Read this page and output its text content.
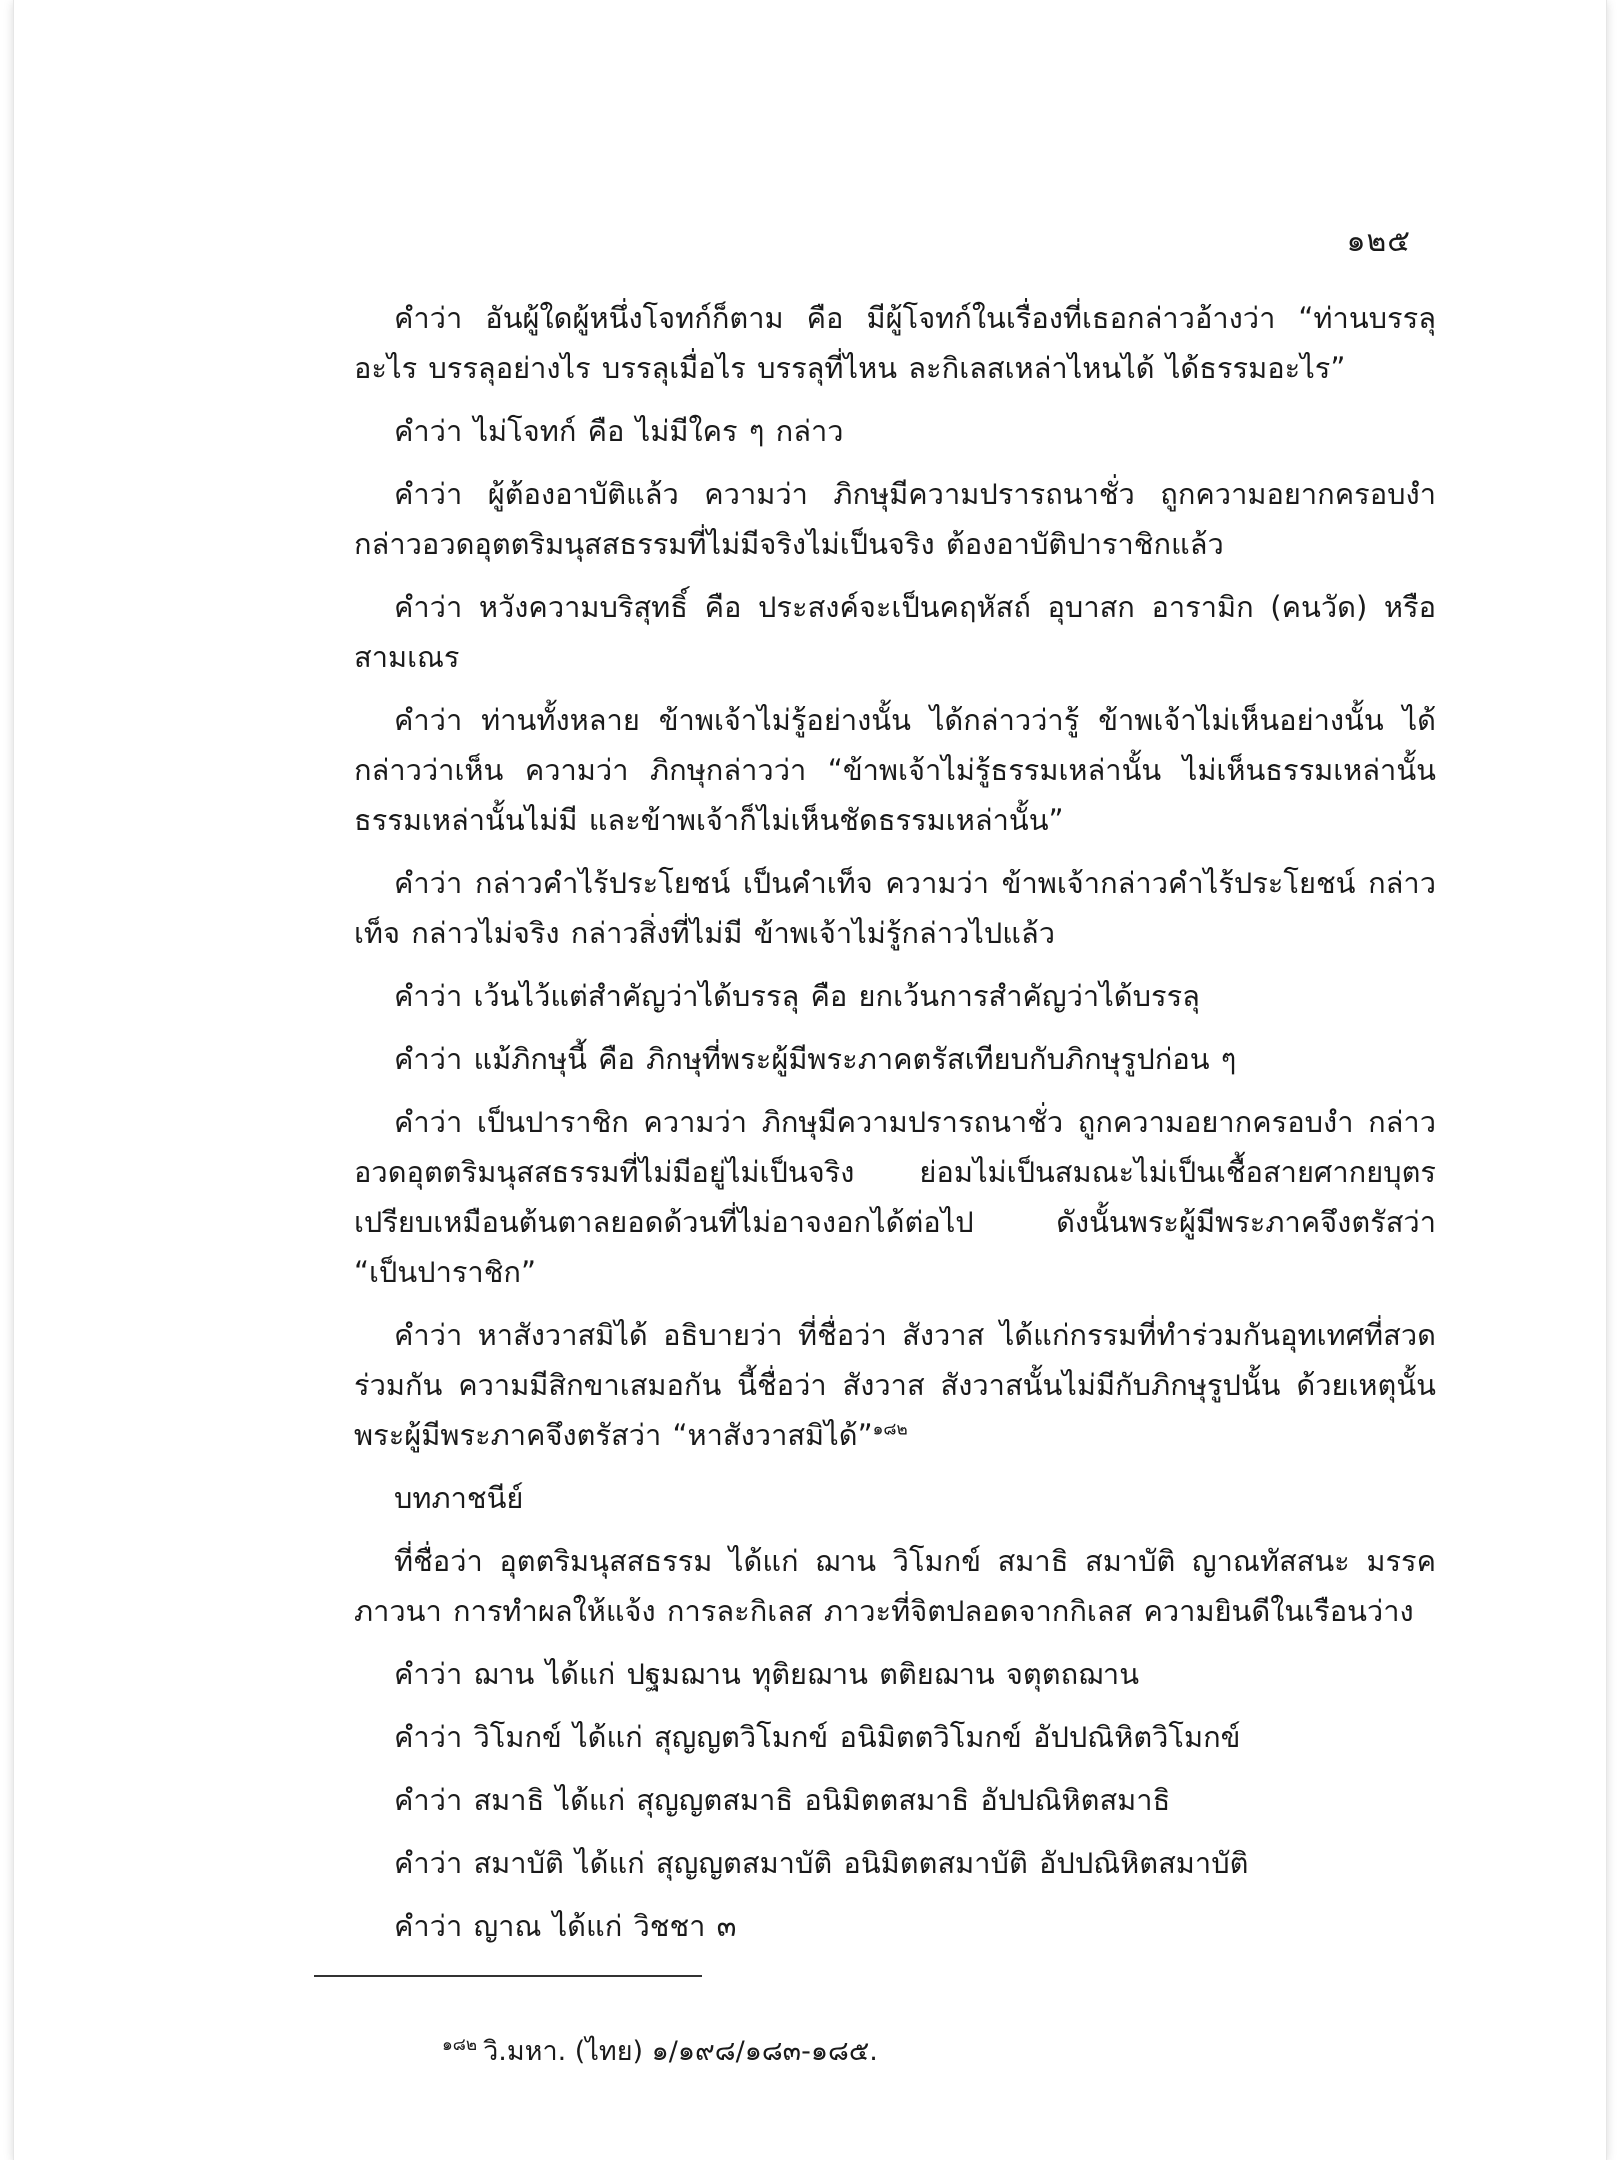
๑๒๕

คำว่า อันผู้ใดผู้หนึ่งโจทก์ก็ตาม คือ มีผู้โจทก์ในเรื่องที่เธอกล่าวอ้างว่า “ท่านบรรลุอะไร บรรลุอย่างไร บรรลุเมื่อไร บรรลุที่ไหน ละกิเลสเหล่าไหนได้ ได้ธรรมอะไร”

คำว่า ไม่โจทก์ คือ ไม่มีใคร ๆ กล่าว

คำว่า ผู้ต้องอาบัติแล้ว ความว่า ภิกษุมีความปรารถนาชั่ว ถูกความอยากครอบงำ กล่าวอวดอุตตริมนุสสธรรมที่ไม่มีจริงไม่เป็นจริง ต้องอาบัติปาราชิกแล้ว

คำว่า หวังความบริสุทธิ์ คือ ประสงค์จะเป็นคฤหัสถ์ อุบาสก อารามิก (คนวัด) หรือสามเณร

คำว่า ท่านทั้งหลาย ข้าพเจ้าไม่รู้อย่างนั้น ได้กล่าวว่ารู้ ข้าพเจ้าไม่เห็นอย่างนั้น ได้กล่าวว่าเห็น ความว่า ภิกษุกล่าวว่า “ข้าพเจ้าไม่รู้ธรรมเหล่านั้น ไม่เห็นธรรมเหล่านั้น ธรรมเหล่านั้นไม่มี และข้าพเจ้าก็ไม่เห็นชัดธรรมเหล่านั้น”

คำว่า กล่าวคำไร้ประโยชน์ เป็นคำเท็จ ความว่า ข้าพเจ้ากล่าวคำไร้ประโยชน์ กล่าวเท็จ กล่าวไม่จริง กล่าวสิ่งที่ไม่มี ข้าพเจ้าไม่รู้กล่าวไปแล้ว

คำว่า เว้นไว้แต่สำคัญว่าได้บรรลุ คือ ยกเว้นการสำคัญว่าได้บรรลุ

คำว่า แม้ภิกษุนี้ คือ ภิกษุที่พระผู้มีพระภาคตรัสเทียบกับภิกษุรูปก่อน ๆ

คำว่า เป็นปาราชิก ความว่า ภิกษุมีความปรารถนาชั่ว ถูกความอยากครอบงำ กล่าวอวดอุตตริมนุสสธรรมที่ไม่มีอยู่ไม่เป็นจริง ย่อมไม่เป็นสมณะไม่เป็นเชื้อสายศากยบุตร เปรียบเหมือนต้นตาลยอดด้วนที่ไม่อาจงอกได้ต่อไป ดังนั้นพระผู้มีพระภาคจึงตรัสว่า “เป็นปาราชิก”

คำว่า หาสังวาสมิได้ อธิบายว่า ที่ชื่อว่า สังวาส ได้แก่กรรมที่ทำร่วมกันอุทเทศที่สวดร่วมกัน ความมีสิกขาเสมอกัน นี้ชื่อว่า สังวาส สังวาสนั้นไม่มีกับภิกษุรูปนั้น ด้วยเหตุนั้น พระผู้มีพระภาคจึงตรัสว่า “หาสังวาสมิได้”$^{๑๘๒}$

บทภาชนีย์

ที่ชื่อว่า อุตตริมนุสสธรรม ได้แก่ ฌาน วิโมกข์ สมาธิ สมาบัติ ญาณทัสสนะ มรรคภาวนา การทำผลให้แจ้ง การละกิเลส ภาวะที่จิตปลอดจากกิเลส ความยินดีในเรือนว่าง

คำว่า ฌาน ได้แก่ ปฐมฌาน ทุติยฌาน ตติยฌาน จตุตถฌาน

คำว่า วิโมกข์ ได้แก่ สุญญตวิโมกข์ อนิมิตตวิโมกข์ อัปปณิหิตวิโมกข์

คำว่า สมาธิ ได้แก่ สุญญตสมาธิ อนิมิตตสมาธิ อัปปณิหิตสมาธิ

คำว่า สมาบัติ ได้แก่ สุญญตสมาบัติ อนิมิตตสมาบัติ อัปปณิหิตสมาบัติ

คำว่า ญาณ ได้แก่ วิชชา ๓

$^{๑๘๒}$ วิ.มหา. (ไทย) ๑/๑๙๘/๑๘๓-๑๘๕.
